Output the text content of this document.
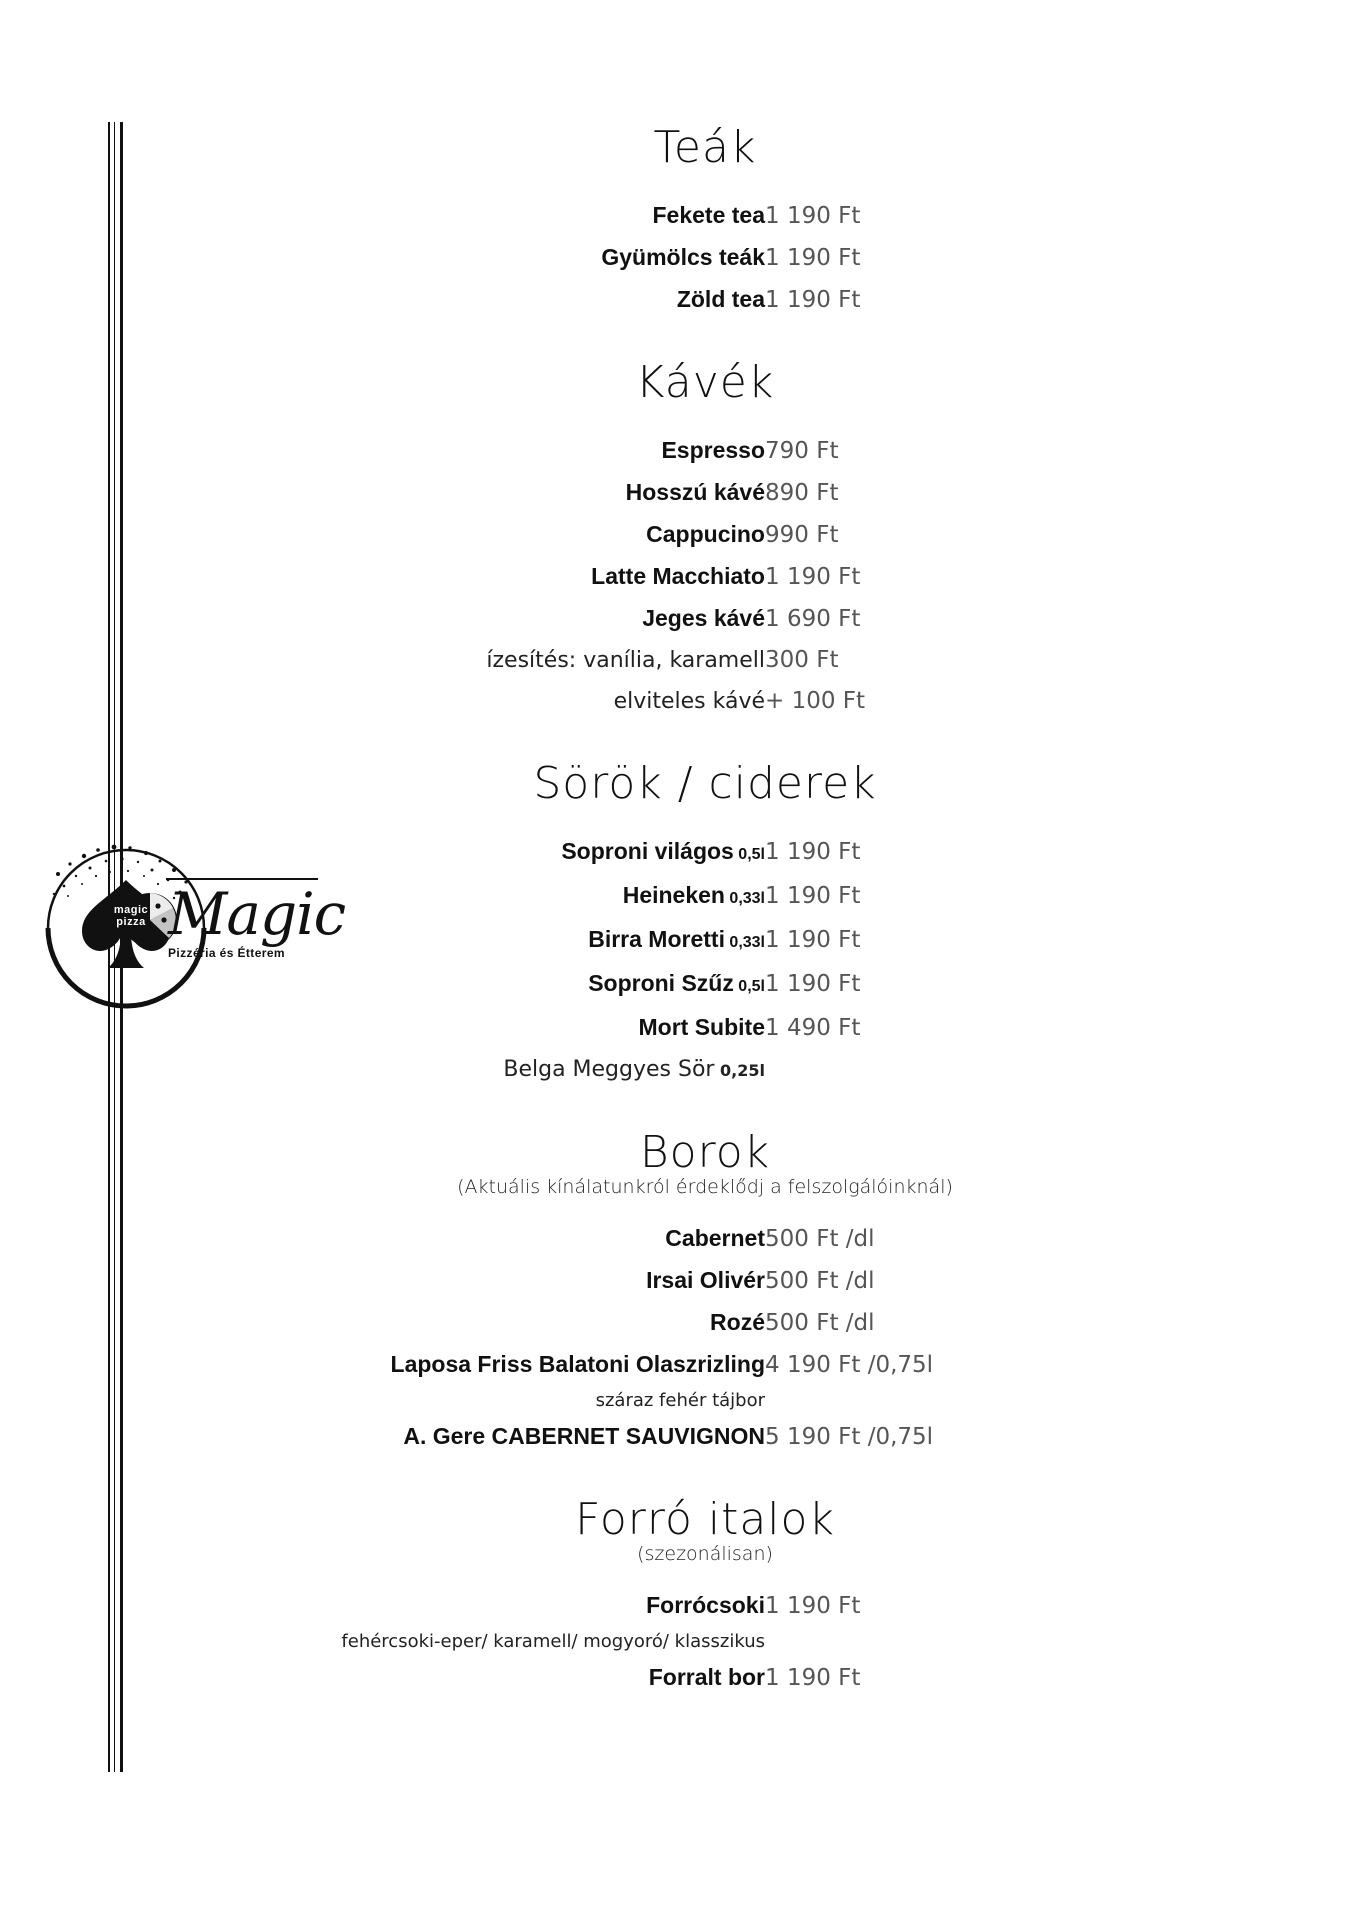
magic
pizza Magic
Pizzéria és Étterem
Teák

Fekete tea	1 190 Ft
Gyümölcs teák	1 190 Ft
Zöld tea	1 190 Ft
Kávék

Espresso	790 Ft
Hosszú kávé	890 Ft
Cappucino	990 Ft
Latte Macchiato	1 190 Ft
Jeges kávé	1 690 Ft
ízesítés: vanília, karamell	300 Ft
elviteles kávé	+ 100 Ft
Sörök / ciderek

Soproni világos 0,5l	1 190 Ft
Heineken 0,33l	1 190 Ft
Birra Moretti 0,33l	1 190 Ft
Soproni Szűz 0,5l	1 190 Ft
Mort Subite	1 490 Ft
Belga Meggyes Sör 0,25l	
Borok
(Aktuális kínálatunkról érdeklődj a felszolgálóinknál)

Cabernet	500 Ft /dl
Irsai Olivér	500 Ft /dl
Rozé	500 Ft /dl
Laposa Friss Balatoni Olaszrizling	4 190 Ft /0,75l
száraz fehér tájbor	
A. Gere CABERNET SAUVIGNON	5 190 Ft /0,75l
Forró italok
(szezonálisan)

Forrócsoki	1 190 Ft
fehércsoki-eper/ karamell/ mogyoró/ klasszikus	
Forralt bor	1 190 Ft
